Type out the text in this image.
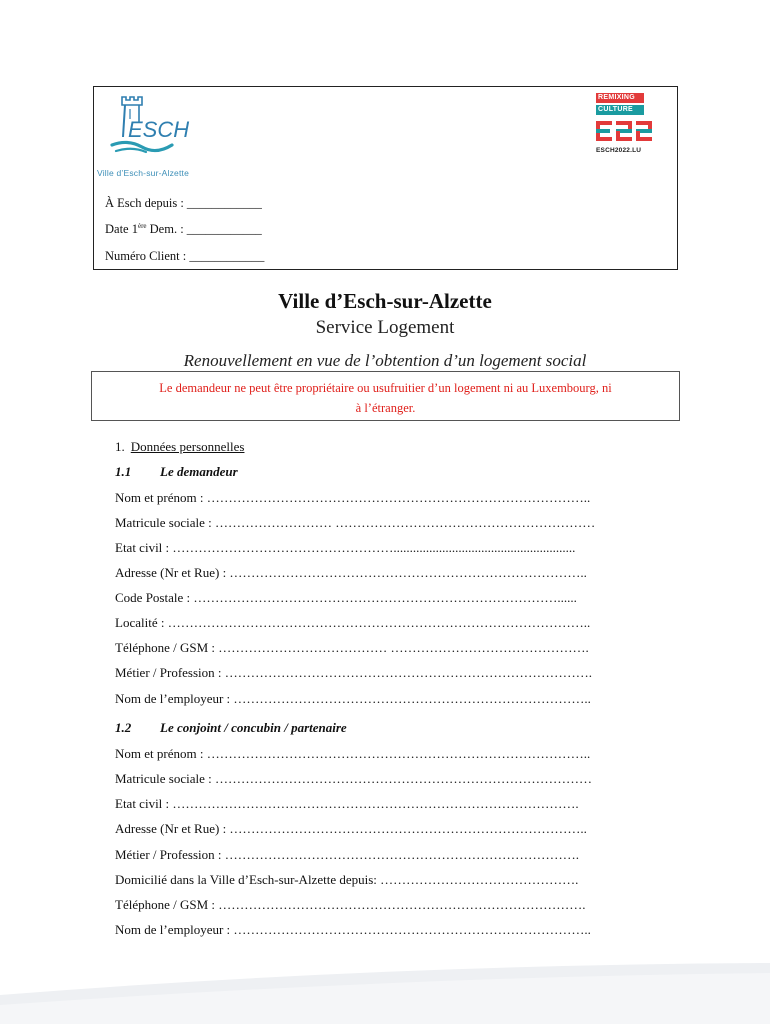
ESCH
Ville d’Esch-sur-Alzette
À Esch depuis : ____________
Date 1ère Dem. : ____________
Numéro Client : ____________
REMIXING
CULTURE
ESCH2022.LU
Ville d’Esch-sur-Alzette
Service Logement
Renouvellement en vue de l’obtention d’un logement social
Le demandeur ne peut être propriétaire ou usufruitier d’un logement ni au Luxembourg, ni
à l’étranger.
1. Données personnelles
1.1 Le demandeur
Nom et prénom : ……………………………………………………………………………..
Matricule sociale : ……………………… ……………………………………………………
Etat civil : ……………………………………………........................................................
Adresse (Nr et Rue) : ………………………………………………………………………..
Code Postale : …………………………………………………………………………......
Localité : ……………………………………………………………………………………..
Téléphone / GSM : ………………………………… ……………………………………….
Métier / Profession : ………………………………………………………………………….
Nom de l’employeur : ………………………………………………………………………..
1.2 Le conjoint / concubin / partenaire
Nom et prénom : ……………………………………………………………………………..
Matricule sociale : ……………………………………………………………………………
Etat civil : ………………………………………………………………………………….
Adresse (Nr et Rue) : ………………………………………………………………………..
Métier / Profession : ……………………………………………………………………….
Domicilié dans la Ville d’Esch-sur-Alzette depuis: ……………………………………….
Téléphone / GSM : ………………………………………………………………………….
Nom de l’employeur : ………………………………………………………………………..
